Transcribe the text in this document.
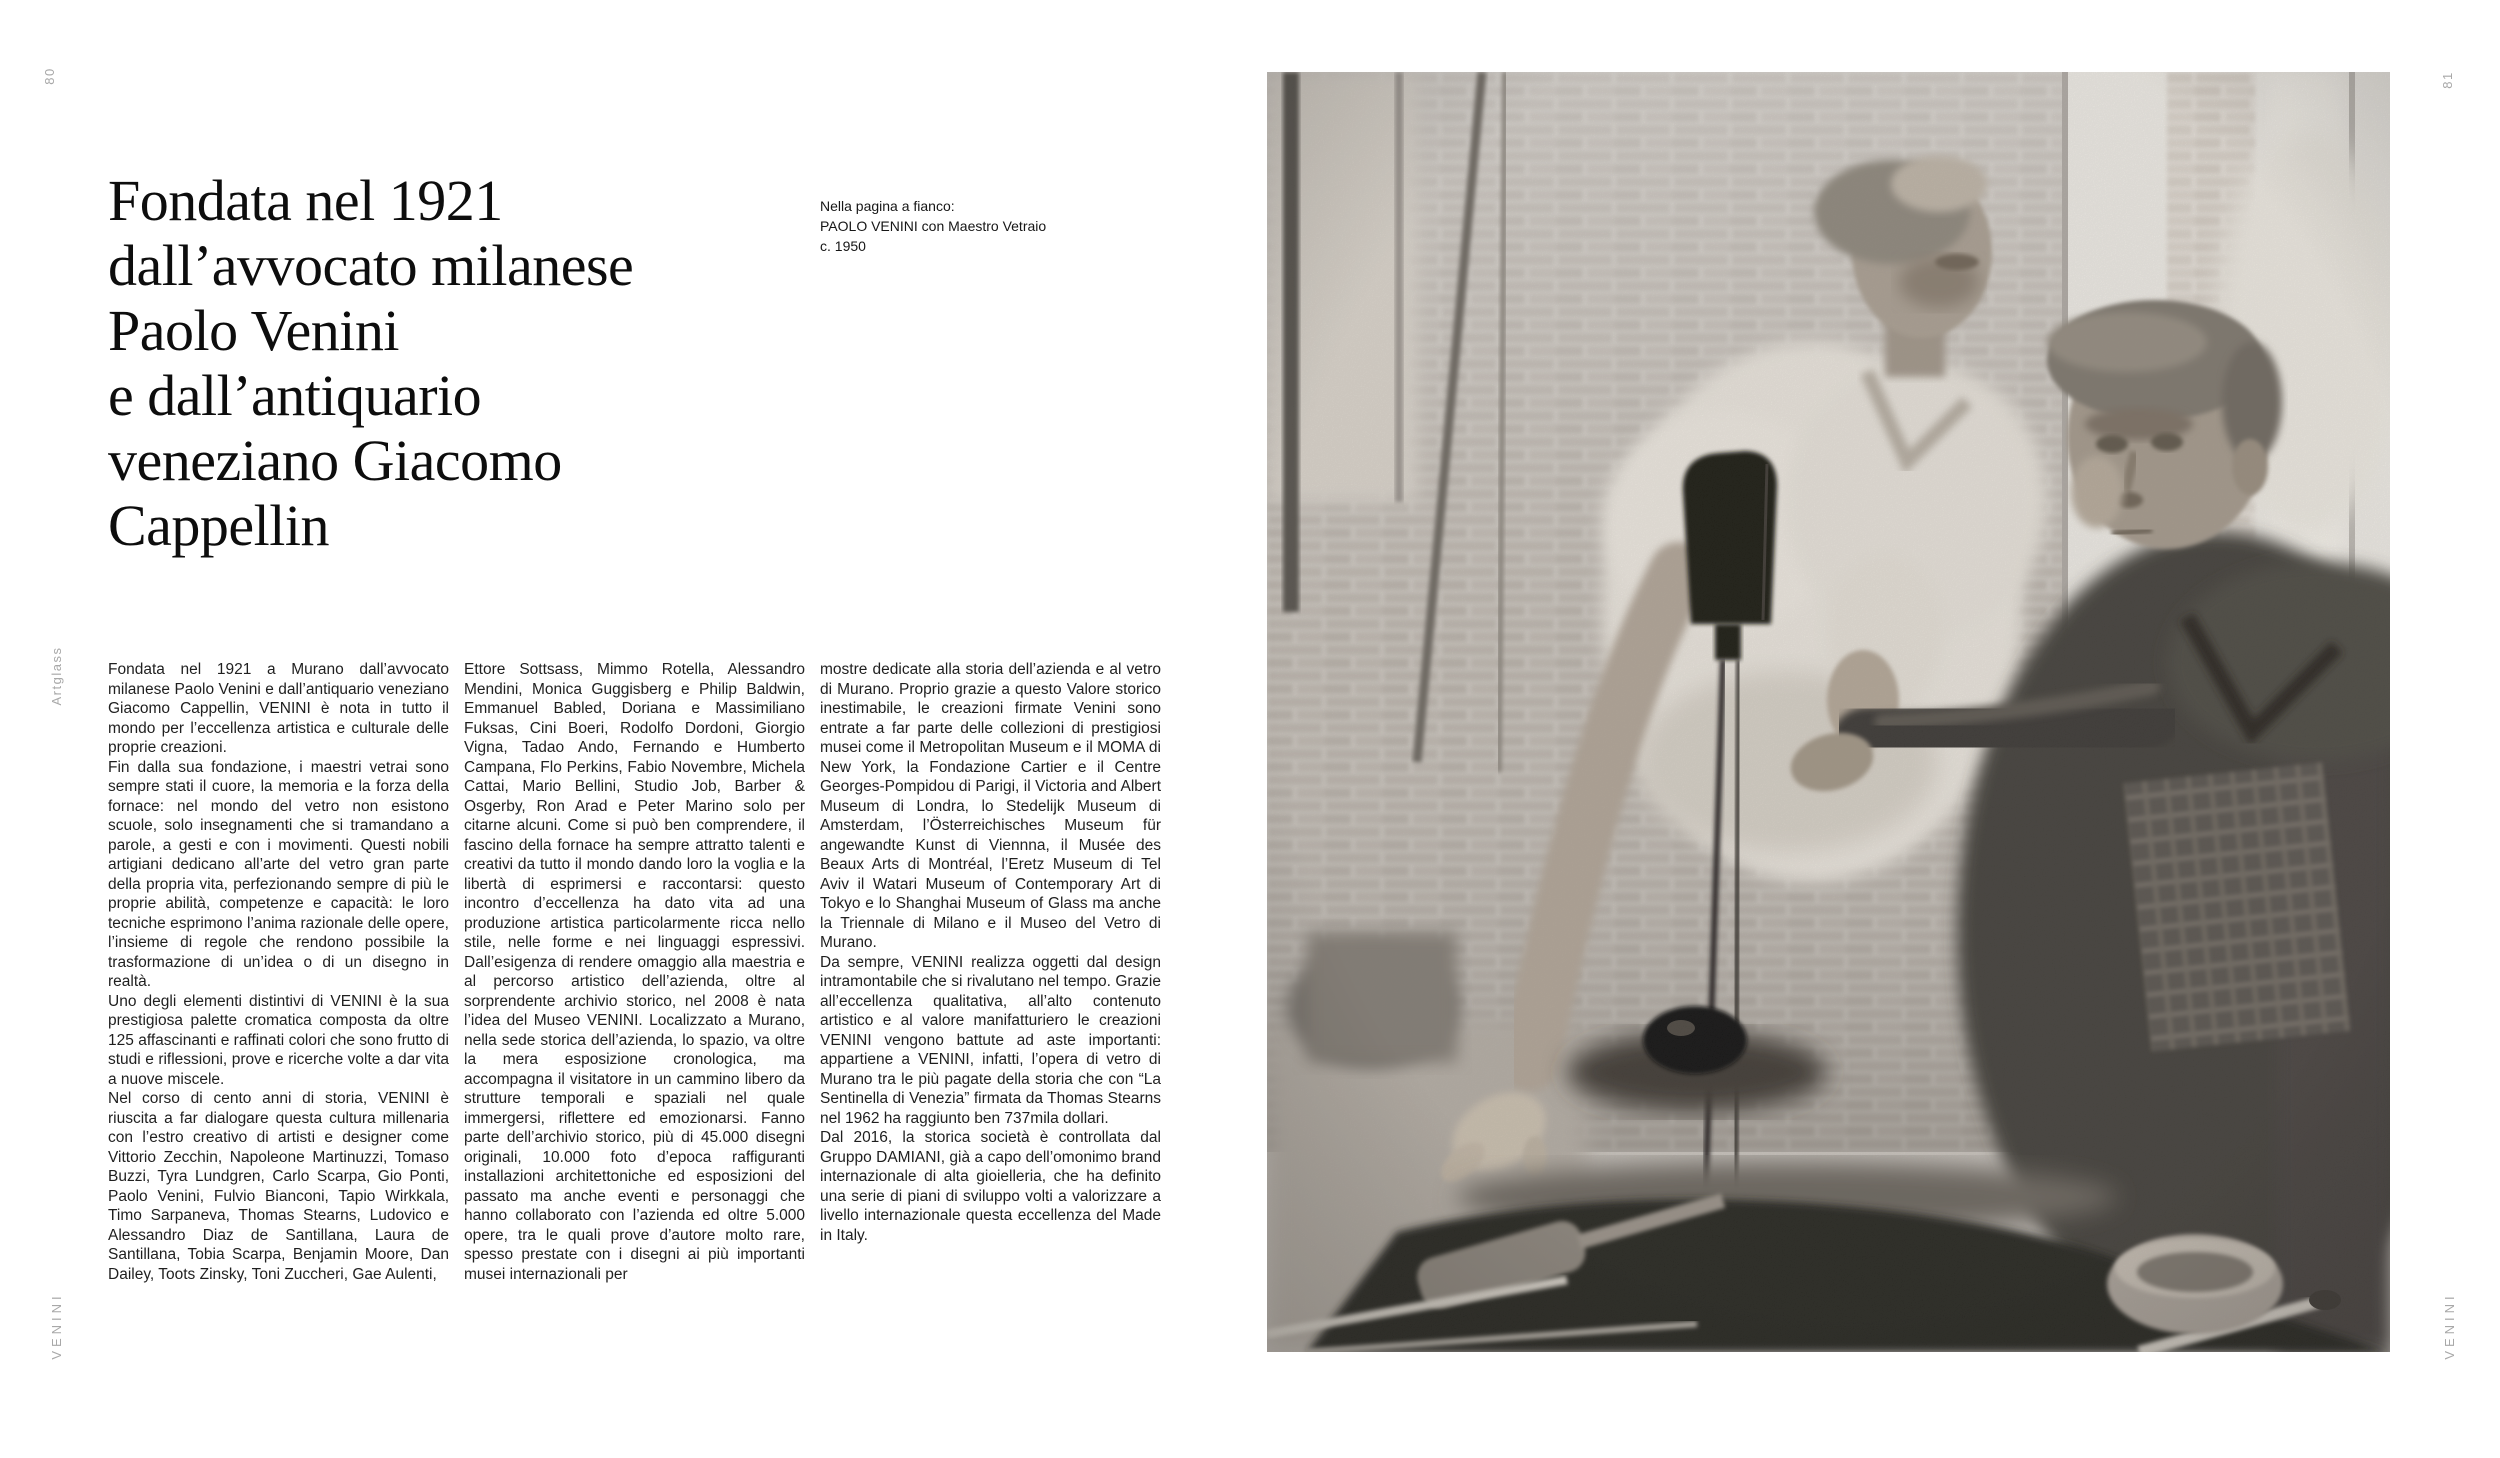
80
Artglass
VENINI
81
VENINI
Fondata nel 1921
dall’avvocato milanese
Paolo Venini
e dall’antiquario
veneziano Giacomo
Cappellin
Nella pagina a fianco:
PAOLO VENINI con Maestro Vetraio
c. 1950

Fondata nel 1921 a Murano dall’avvocato milanese Paolo Venini e dall’antiquario veneziano Giacomo Cappellin, VENINI è nota in tutto il mondo per l’eccellenza artistica e culturale delle proprie creazioni.

Fin dalla sua fondazione, i maestri vetrai sono sempre stati il cuore, la memoria e la forza della fornace: nel mondo del vetro non esistono scuole, solo insegnamenti che si tramandano a parole, a gesti e con i movimenti. Questi nobili artigiani dedicano all’arte del vetro gran parte della propria vita, perfezionando sempre di più le proprie abilità, competenze e capacità: le loro tecniche esprimono l’anima razionale delle opere, l’insieme di regole che rendono possibile la trasformazione di un’idea o di un disegno in realtà.

Uno degli elementi distintivi di VENINI è la sua prestigiosa palette cromatica composta da oltre 125 affascinanti e raffinati colori che sono frutto di studi e riflessioni, prove e ricerche volte a dar vita a nuove miscele.

Nel corso di cento anni di storia, VENINI è riuscita a far dialogare questa cultura millenaria con l’estro creativo di artisti e designer come Vittorio Zecchin, Napoleone Martinuzzi, Tomaso Buzzi, Tyra Lundgren, Carlo Scarpa, Gio Ponti, Paolo Venini, Fulvio Bianconi, Tapio Wirkkala, Timo Sarpaneva, Thomas Stearns, Ludovico e Alessandro Diaz de Santillana, Laura de Santillana, Tobia Scarpa, Benjamin Moore, Dan Dailey, Toots Zinsky, Toni Zuccheri, Gae Aulenti,

Ettore Sottsass, Mimmo Rotella, Alessandro Mendini, Monica Guggisberg e Philip Baldwin, Emmanuel Babled, Doriana e Massimiliano Fuksas, Cini Boeri, Rodolfo Dordoni, Giorgio Vigna, Tadao Ando, Fernando e Humberto Campana, Flo Perkins, Fabio Novembre, Michela Cattai, Mario Bellini, Studio Job, Barber & Osgerby, Ron Arad e Peter Marino solo per citarne alcuni. Come si può ben comprendere, il fascino della fornace ha sempre attratto talenti e creativi da tutto il mondo dando loro la voglia e la libertà di esprimersi e raccontarsi: questo incontro d’eccellenza ha dato vita ad una produzione artistica particolarmente ricca nello stile, nelle forme e nei linguaggi espressivi. Dall’esigenza di rendere omaggio alla maestria e al percorso artistico dell’azienda, oltre al sorprendente archivio storico, nel 2008 è nata l’idea del Museo VENINI. Localizzato a Murano, nella sede storica dell’azienda, lo spazio, va oltre la mera esposizione cronologica, ma accompagna il visitatore in un cammino libero da strutture temporali e spaziali nel quale immergersi, riflettere ed emozionarsi. Fanno parte dell’archivio storico, più di 45.000 disegni originali, 10.000 foto d’epoca raffiguranti installazioni architettoniche ed esposizioni del passato ma anche eventi e personaggi che hanno collaborato con l’azienda ed oltre 5.000 opere, tra le quali prove d’autore molto rare, spesso prestate con i disegni ai più importanti musei internazionali per

mostre dedicate alla storia dell’azienda e al vetro di Murano. Proprio grazie a questo Valore storico inestimabile, le creazioni firmate Venini sono entrate a far parte delle collezioni di prestigiosi musei come il Metropolitan Museum e il MOMA di New York, la Fondazione Cartier e il Centre Georges-Pompidou di Parigi, il Victoria and Albert Museum di Londra, lo Stedelijk Museum di Amsterdam, l’Österreichisches Museum für angewandte Kunst di Viennna, il Musée des Beaux Arts di Montréal, l’Eretz Museum di Tel Aviv il Watari Museum of Contemporary Art di Tokyo e lo Shanghai Museum of Glass ma anche la Triennale di Milano e il Museo del Vetro di Murano.

Da sempre, VENINI realizza oggetti dal design intramontabile che si rivalutano nel tempo. Grazie all’eccellenza qualitativa, all’alto contenuto artistico e al valore manifatturiero le creazioni VENINI vengono battute ad aste importanti: appartiene a VENINI, infatti, l’opera di vetro di Murano tra le più pagate della storia che con “La Sentinella di Venezia” firmata da Thomas Stearns nel 1962 ha raggiunto ben 737mila dollari.

Dal 2016, la storica società è controllata dal Gruppo DAMIANI, già a capo dell’omonimo brand internazionale di alta gioielleria, che ha definito una serie di piani di sviluppo volti a valorizzare a livello internazionale questa eccellenza del Made in Italy.
